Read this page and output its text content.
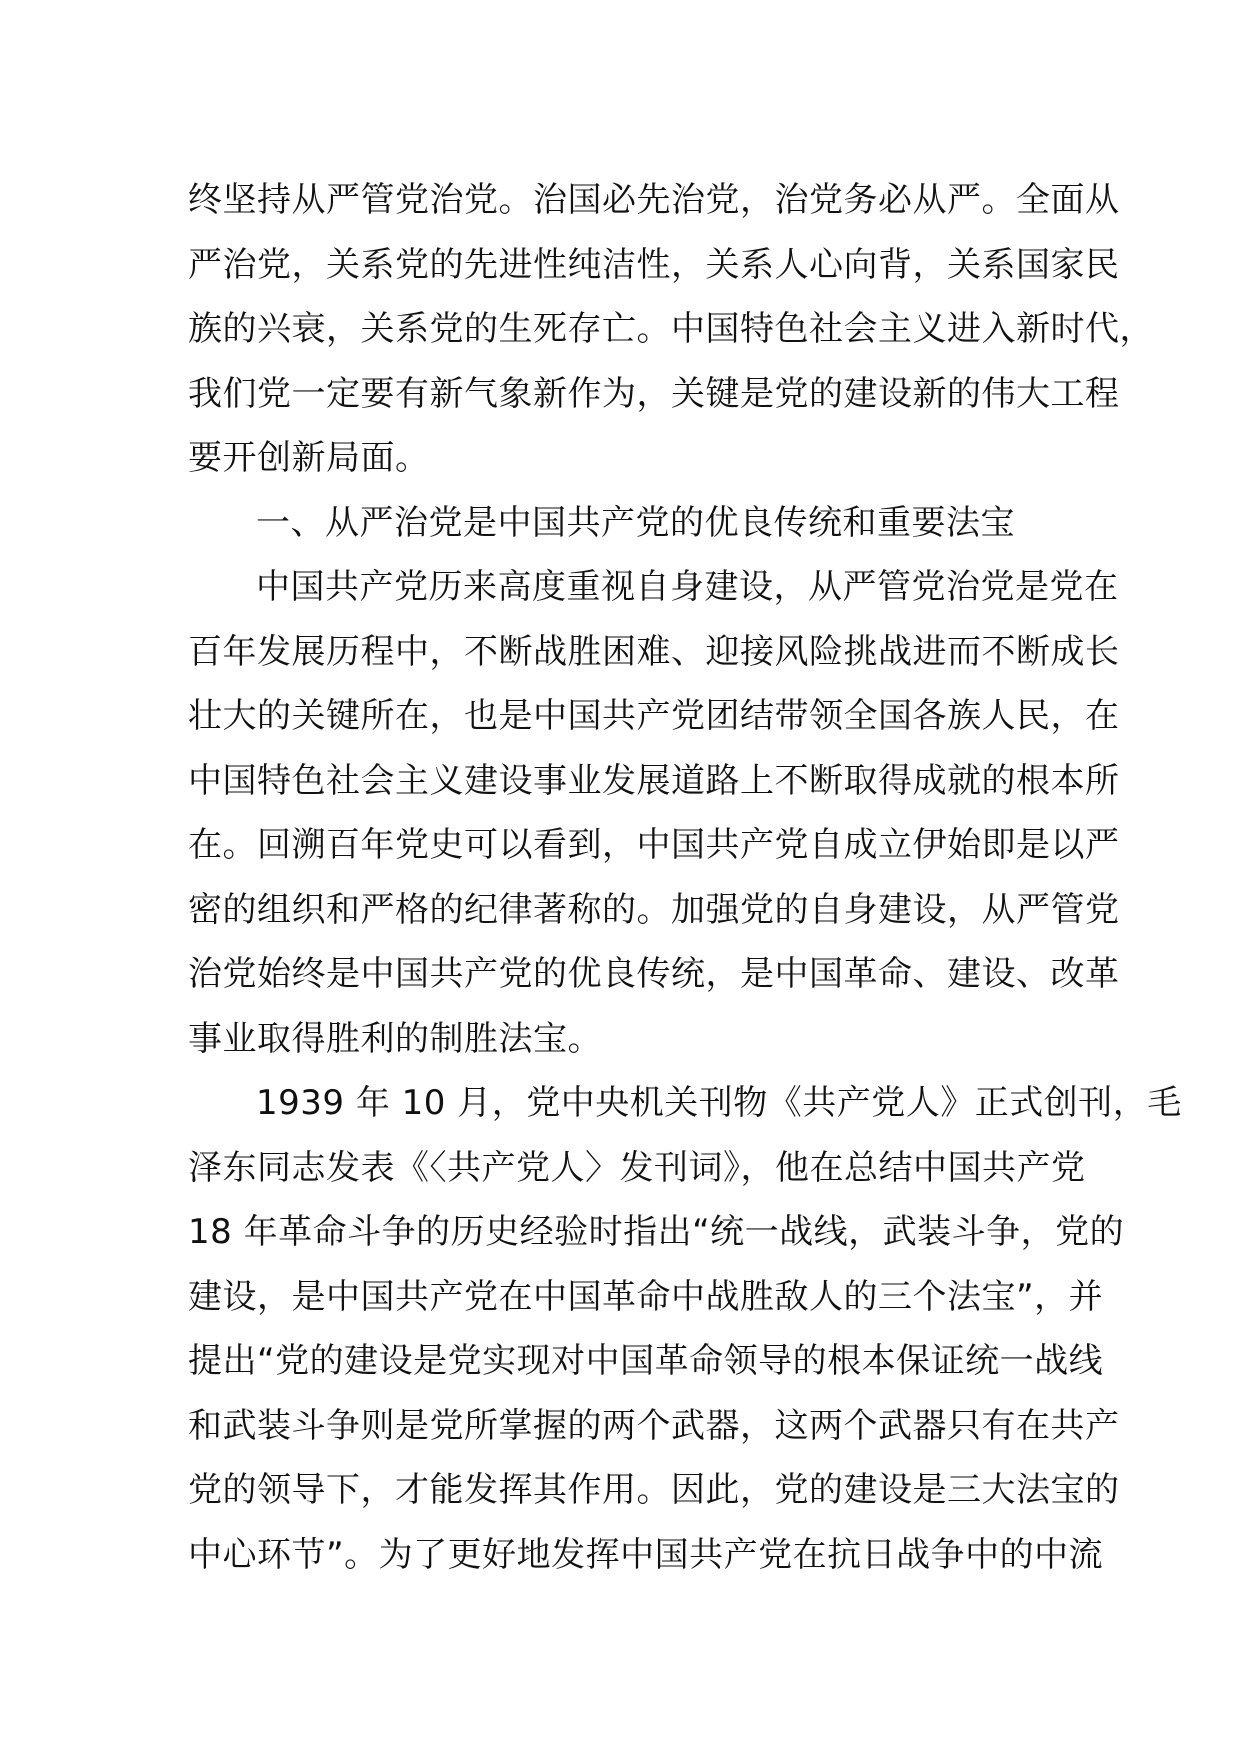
终坚持从严管党治党。治国必先治党，治党务必从严。全面从
严治党，关系党的先进性纯洁性，关系人心向背，关系国家民
族的兴衰，关系党的生死存亡。中国特色社会主义进入新时代，
我们党一定要有新气象新作为，关键是党的建设新的伟大工程
要开创新局面。
一、从严治党是中国共产党的优良传统和重要法宝
中国共产党历来高度重视自身建设，从严管党治党是党在
百年发展历程中，不断战胜困难、迎接风险挑战进而不断成长
壮大的关键所在，也是中国共产党团结带领全国各族人民，在
中国特色社会主义建设事业发展道路上不断取得成就的根本所
在。回溯百年党史可以看到，中国共产党自成立伊始即是以严
密的组织和严格的纪律著称的。加强党的自身建设，从严管党
治党始终是中国共产党的优良传统，是中国革命、建设、改革
事业取得胜利的制胜法宝。
1939 年 10 月，党中央机关刊物《共产党人》正式创刊，毛
泽东同志发表《〈共产党人〉发刊词》，他在总结中国共产党
18 年革命斗争的历史经验时指出“统一战线，武装斗争，党的
建设，是中国共产党在中国革命中战胜敌人的三个法宝”，并
提出“党的建设是党实现对中国革命领导的根本保证统一战线
和武装斗争则是党所掌握的两个武器，这两个武器只有在共产
党的领导下，才能发挥其作用。因此，党的建设是三大法宝的
中心环节”。为了更好地发挥中国共产党在抗日战争中的中流
